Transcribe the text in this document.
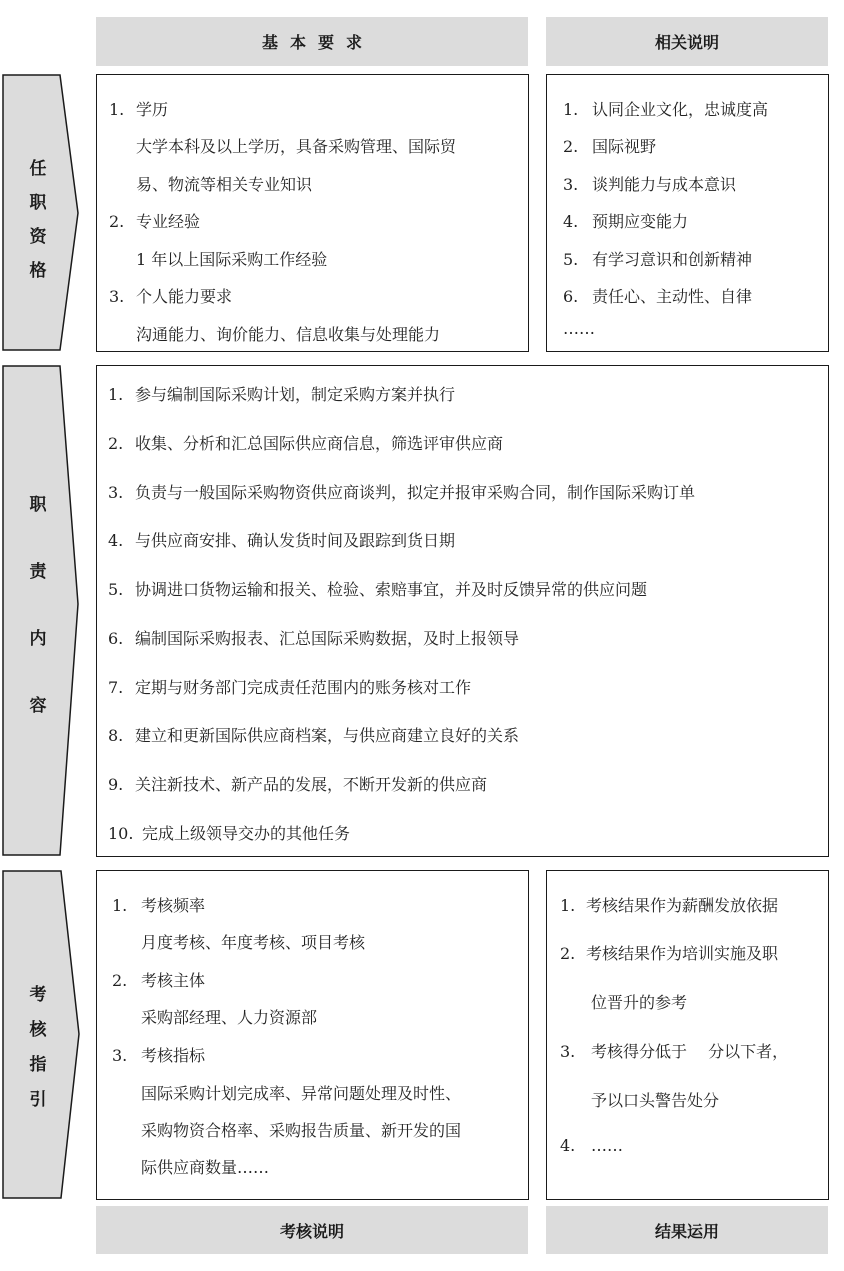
基本要求	相关说明
任
职
资
格
1. 学历
大学本科及以上学历，具备采购管理、国际贸
易、物流等相关专业知识
2. 专业经验
1 年以上国际采购工作经验
3. 个人能力要求
沟通能力、询价能力、信息收集与处理能力
1. 认同企业文化，忠诚度高
2. 国际视野
3. 谈判能力与成本意识
4. 预期应变能力
5. 有学习意识和创新精神
6. 责任心、主动性、自律
……
职
责
内
容
1. 参与编制国际采购计划，制定采购方案并执行
2. 收集、分析和汇总国际供应商信息，筛选评审供应商
3. 负责与一般国际采购物资供应商谈判，拟定并报审采购合同，制作国际采购订单
4. 与供应商安排、确认发货时间及跟踪到货日期
5. 协调进口货物运输和报关、检验、索赔事宜，并及时反馈异常的供应问题
6. 编制国际采购报表、汇总国际采购数据，及时上报领导
7. 定期与财务部门完成责任范围内的账务核对工作
8. 建立和更新国际供应商档案，与供应商建立良好的关系
9. 关注新技术、新产品的发展，不断开发新的供应商
10. 完成上级领导交办的其他任务
考
核
指
引
1. 考核频率
月度考核、年度考核、项目考核
2. 考核主体
采购部经理、人力资源部
3. 考核指标
国际采购计划完成率、异常问题处理及时性、
采购物资合格率、采购报告质量、新开发的国
际供应商数量……
1. 考核结果作为薪酬发放依据
2. 考核结果作为培训实施及职
位晋升的参考
3. 考核得分低于　 分以下者，
予以口头警告处分
4. ……
考核说明	结果运用
